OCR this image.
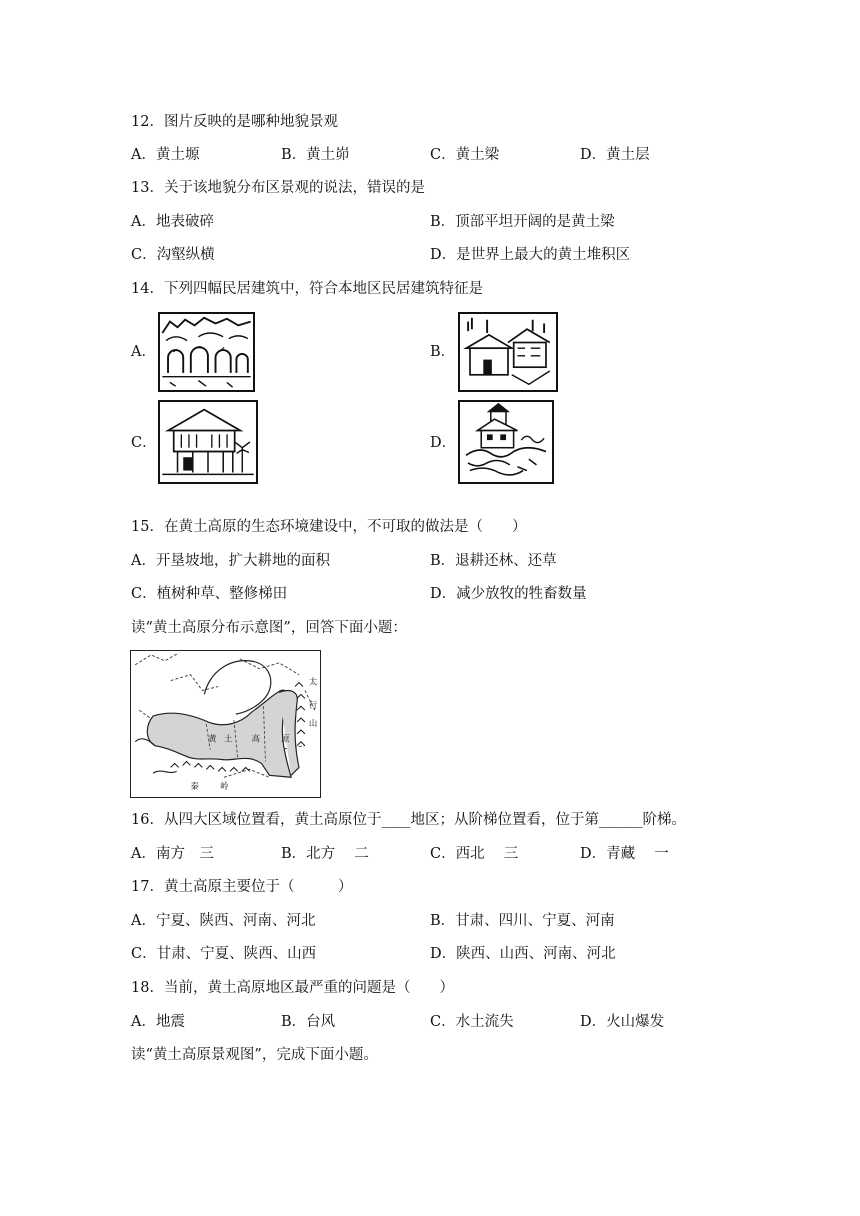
12．图片反映的是哪种地貌景观
A．黄土塬	B．黄土峁	C．黄土梁	D．黄土层
13．关于该地貌分布区景观的说法，错误的是
A．地表破碎	B．顶部平坦开阔的是黄土梁
C．沟壑纵横	D．是世界上最大的黄土堆积区
14．下列四幅民居建筑中，符合本地区民居建筑特征是
A．	B．
C．	D．
15．在黄土高原的生态环境建设中，不可取的做法是（　　）
A．开垦坡地，扩大耕地的面积	B．退耕还林、还草
C．植树种草、整修梯田	D．减少放牧的牲畜数量
读“黄土高原分布示意图”，回答下面小题：
黄 土 高 原
太
行
山
秦 岭
16．从四大区域位置看，黄土高原位于____地区；从阶梯位置看，位于第______阶梯。
A．南方　三	B．北方　 二	C．西北　 三	D．青藏　 一
17．黄土高原主要位于（　　　）
A．宁夏、陕西、河南、河北	B．甘肃、四川、宁夏、河南
C．甘肃、宁夏、陕西、山西	D．陕西、山西、河南、河北
18．当前，黄土高原地区最严重的问题是（　　）
A．地震	B．台风	C．水土流失	D．火山爆发
读“黄土高原景观图”，完成下面小题。
